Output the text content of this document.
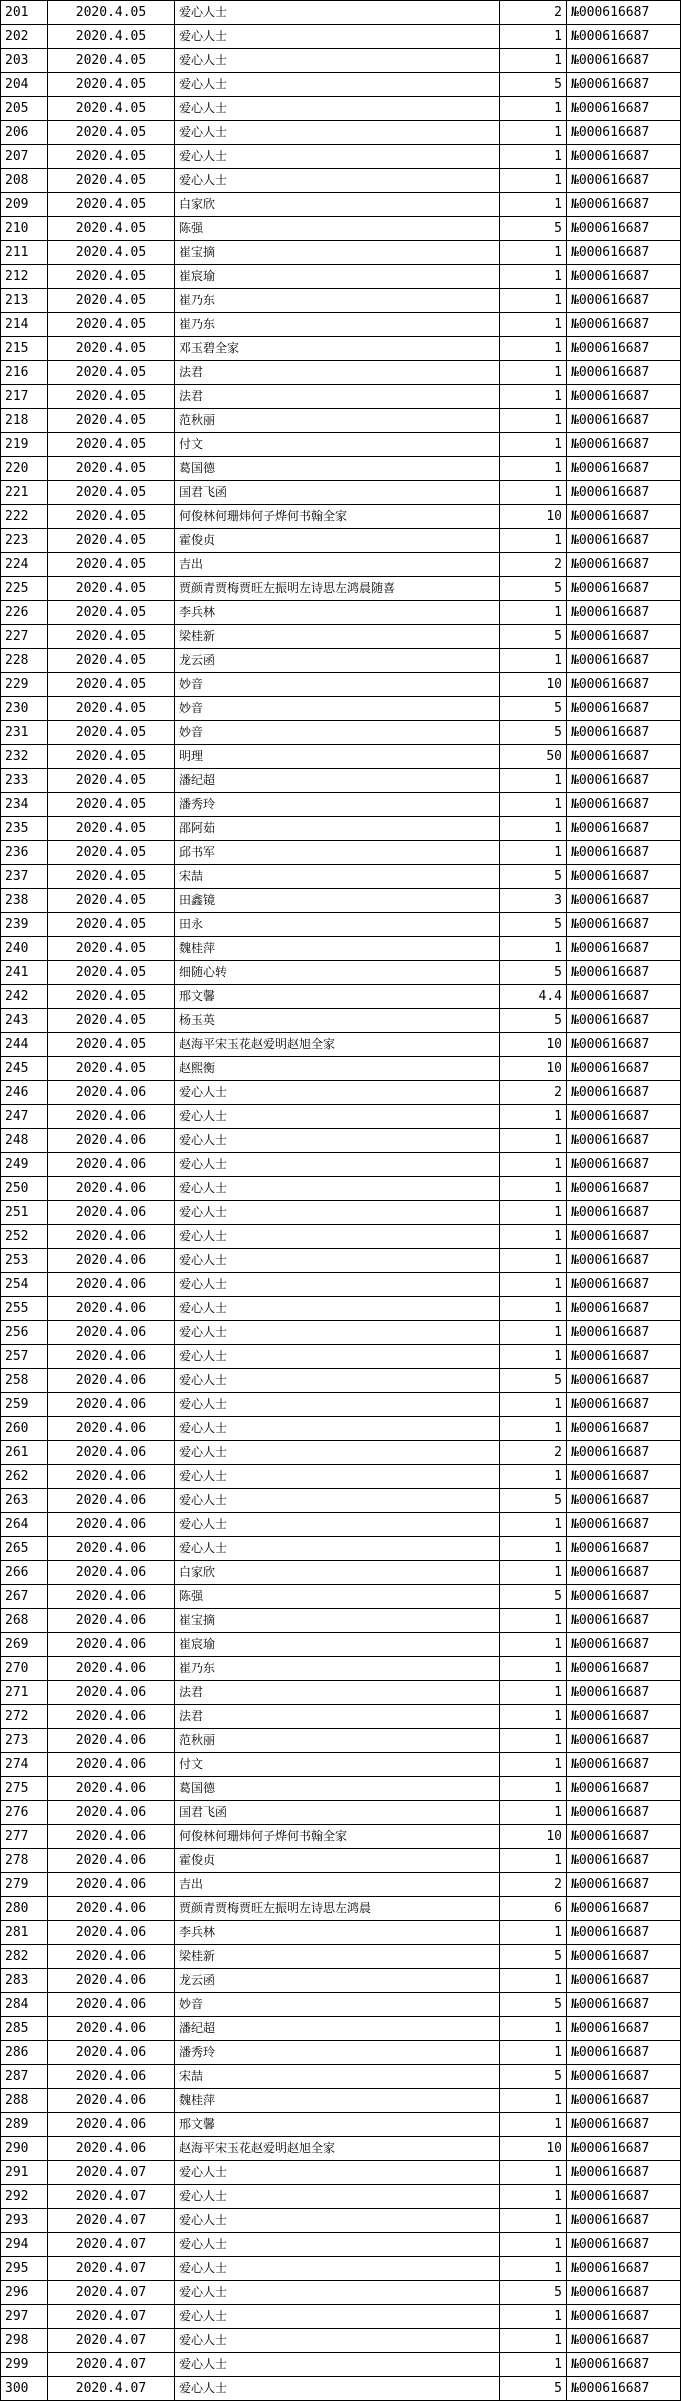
201	2020.4.05	爱心人士	2	№000616687
202	2020.4.05	爱心人士	1	№000616687
203	2020.4.05	爱心人士	1	№000616687
204	2020.4.05	爱心人士	5	№000616687
205	2020.4.05	爱心人士	1	№000616687
206	2020.4.05	爱心人士	1	№000616687
207	2020.4.05	爱心人士	1	№000616687
208	2020.4.05	爱心人士	1	№000616687
209	2020.4.05	白家欣	1	№000616687
210	2020.4.05	陈强	5	№000616687
211	2020.4.05	崔宝摘	1	№000616687
212	2020.4.05	崔宸瑜	1	№000616687
213	2020.4.05	崔乃东	1	№000616687
214	2020.4.05	崔乃东	1	№000616687
215	2020.4.05	邓玉碧全家	1	№000616687
216	2020.4.05	法君	1	№000616687
217	2020.4.05	法君	1	№000616687
218	2020.4.05	范秋丽	1	№000616687
219	2020.4.05	付文	1	№000616687
220	2020.4.05	葛国德	1	№000616687
221	2020.4.05	国君飞函	1	№000616687
222	2020.4.05	何俊林何珊炜何子烨何书翰全家	10	№000616687
223	2020.4.05	霍俊贞	1	№000616687
224	2020.4.05	吉出	2	№000616687
225	2020.4.05	贾颜青贾梅贾旺左振明左诗思左鸿晨随喜	5	№000616687
226	2020.4.05	李兵林	1	№000616687
227	2020.4.05	梁桂新	5	№000616687
228	2020.4.05	龙云函	1	№000616687
229	2020.4.05	妙音	10	№000616687
230	2020.4.05	妙音	5	№000616687
231	2020.4.05	妙音	5	№000616687
232	2020.4.05	明理	50	№000616687
233	2020.4.05	潘纪超	1	№000616687
234	2020.4.05	潘秀玲	1	№000616687
235	2020.4.05	邵阿茹	1	№000616687
236	2020.4.05	邱书军	1	№000616687
237	2020.4.05	宋喆	5	№000616687
238	2020.4.05	田鑫镜	3	№000616687
239	2020.4.05	田永	5	№000616687
240	2020.4.05	魏桂萍	1	№000616687
241	2020.4.05	细随心转	5	№000616687
242	2020.4.05	邢文馨	4.4	№000616687
243	2020.4.05	杨玉英	5	№000616687
244	2020.4.05	赵海平宋玉花赵爱明赵旭全家	10	№000616687
245	2020.4.05	赵熙衡	10	№000616687
246	2020.4.06	爱心人士	2	№000616687
247	2020.4.06	爱心人士	1	№000616687
248	2020.4.06	爱心人士	1	№000616687
249	2020.4.06	爱心人士	1	№000616687
250	2020.4.06	爱心人士	1	№000616687
251	2020.4.06	爱心人士	1	№000616687
252	2020.4.06	爱心人士	1	№000616687
253	2020.4.06	爱心人士	1	№000616687
254	2020.4.06	爱心人士	1	№000616687
255	2020.4.06	爱心人士	1	№000616687
256	2020.4.06	爱心人士	1	№000616687
257	2020.4.06	爱心人士	1	№000616687
258	2020.4.06	爱心人士	5	№000616687
259	2020.4.06	爱心人士	1	№000616687
260	2020.4.06	爱心人士	1	№000616687
261	2020.4.06	爱心人士	2	№000616687
262	2020.4.06	爱心人士	1	№000616687
263	2020.4.06	爱心人士	5	№000616687
264	2020.4.06	爱心人士	1	№000616687
265	2020.4.06	爱心人士	1	№000616687
266	2020.4.06	白家欣	1	№000616687
267	2020.4.06	陈强	5	№000616687
268	2020.4.06	崔宝摘	1	№000616687
269	2020.4.06	崔宸瑜	1	№000616687
270	2020.4.06	崔乃东	1	№000616687
271	2020.4.06	法君	1	№000616687
272	2020.4.06	法君	1	№000616687
273	2020.4.06	范秋丽	1	№000616687
274	2020.4.06	付文	1	№000616687
275	2020.4.06	葛国德	1	№000616687
276	2020.4.06	国君飞函	1	№000616687
277	2020.4.06	何俊林何珊炜何子烨何书翰全家	10	№000616687
278	2020.4.06	霍俊贞	1	№000616687
279	2020.4.06	吉出	2	№000616687
280	2020.4.06	贾颜青贾梅贾旺左振明左诗思左鸿晨	6	№000616687
281	2020.4.06	李兵林	1	№000616687
282	2020.4.06	梁桂新	5	№000616687
283	2020.4.06	龙云函	1	№000616687
284	2020.4.06	妙音	5	№000616687
285	2020.4.06	潘纪超	1	№000616687
286	2020.4.06	潘秀玲	1	№000616687
287	2020.4.06	宋喆	5	№000616687
288	2020.4.06	魏桂萍	1	№000616687
289	2020.4.06	邢文馨	1	№000616687
290	2020.4.06	赵海平宋玉花赵爱明赵旭全家	10	№000616687
291	2020.4.07	爱心人士	1	№000616687
292	2020.4.07	爱心人士	1	№000616687
293	2020.4.07	爱心人士	1	№000616687
294	2020.4.07	爱心人士	1	№000616687
295	2020.4.07	爱心人士	1	№000616687
296	2020.4.07	爱心人士	5	№000616687
297	2020.4.07	爱心人士	1	№000616687
298	2020.4.07	爱心人士	1	№000616687
299	2020.4.07	爱心人士	1	№000616687
300	2020.4.07	爱心人士	5	№000616687
